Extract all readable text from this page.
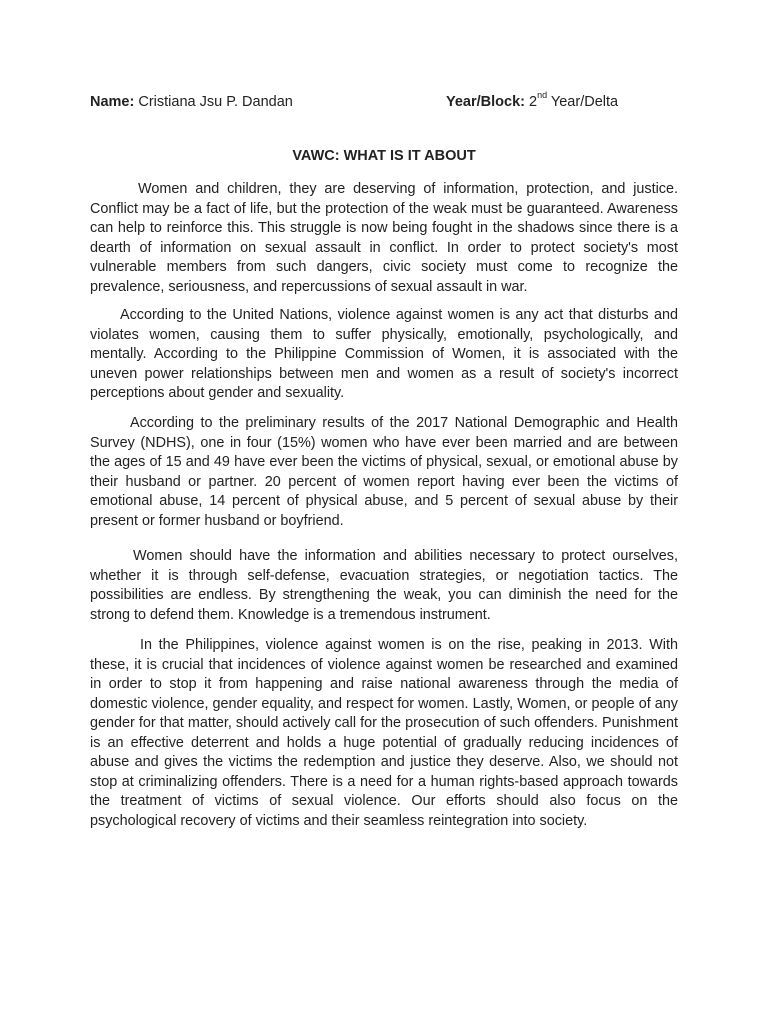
Name: Cristiana Jsu P. Dandan	Year/Block: 2nd Year/Delta
VAWC: WHAT IS IT ABOUT

Women and children, they are deserving of information, protection, and justice. Conflict may be a fact of life, but the protection of the weak must be guaranteed. Awareness can help to reinforce this. This struggle is now being fought in the shadows since there is a dearth of information on sexual assault in conflict. In order to protect society's most vulnerable members from such dangers, civic society must come to recognize the prevalence, seriousness, and repercussions of sexual assault in war.

According to the United Nations, violence against women is any act that disturbs and violates women, causing them to suffer physically, emotionally, psychologically, and mentally. According to the Philippine Commission of Women, it is associated with the uneven power relationships between men and women as a result of society's incorrect perceptions about gender and sexuality.

According to the preliminary results of the 2017 National Demographic and Health Survey (NDHS), one in four (15%) women who have ever been married and are between the ages of 15 and 49 have ever been the victims of physical, sexual, or emotional abuse by their husband or partner. 20 percent of women report having ever been the victims of emotional abuse, 14 percent of physical abuse, and 5 percent of sexual abuse by their present or former husband or boyfriend.

Women should have the information and abilities necessary to protect ourselves, whether it is through self-defense, evacuation strategies, or negotiation tactics. The possibilities are endless. By strengthening the weak, you can diminish the need for the strong to defend them. Knowledge is a tremendous instrument.

In the Philippines, violence against women is on the rise, peaking in 2013. With these, it is crucial that incidences of violence against women be researched and examined in order to stop it from happening and raise national awareness through the media of domestic violence, gender equality, and respect for women. Lastly, Women, or people of any gender for that matter, should actively call for the prosecution of such offenders. Punishment is an effective deterrent and holds a huge potential of gradually reducing incidences of abuse and gives the victims the redemption and justice they deserve. Also, we should not stop at criminalizing offenders. There is a need for a human rights-based approach towards the treatment of victims of sexual violence. Our efforts should also focus on the psychological recovery of victims and their seamless reintegration into society.
